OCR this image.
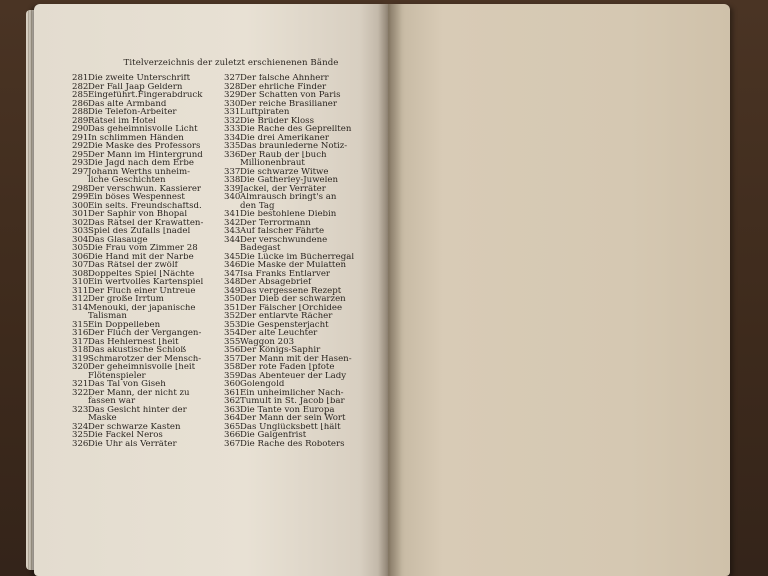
Titelverzeichnis der zuletzt erschienenen Bände
281 Die zweite Unterschrift
282 Der Fall Jaap Geldern
285 Eingeführt.Fingerabdruck
286 Das alte Armband
288 Die Telefon-Arbeiter
289 Rätsel im Hotel
290 Das geheimnisvolle Licht
291 In schlimmen Händen
292 Die Maske des Professors
295 Der Mann im Hintergrund
293 Die Jagd nach dem Erbe
297 Johann Werths unheim-
liche Geschichten
298 Der verschwun. Kassierer
299 Ein böses Wespennest
300 Ein selts. Freundschaftsd.
301 Der Saphir von Bhopal
302 Das Rätsel der Krawatten-
303 Spiel des Zufalls [nadel
304 Das Glasauge
305 Die Frau vom Zimmer 28
306 Die Hand mit der Narbe
307 Das Rätsel der zwölf
308 Doppeltes Spiel [Nächte
310 Ein wertvolles Kartenspiel
311 Der Fluch einer Untreue
312 Der große Irrtum
314 Menouki, der japanische
Talisman
315 Ein Doppelleben
316 Der Fluch der Vergangen-
317 Das Hehlernest [heit
318 Das akustische Schloß
319 Schmarotzer der Mensch-
320 Der geheimnisvolle [heit
Flötenspieler
321 Das Tal von Giseh
322 Der Mann, der nicht zu
fassen war
323 Das Gesicht hinter der
Maske
324 Der schwarze Kasten
325 Die Fackel Neros
326 Die Uhr als Verräter
327 Der falsche Ahnherr
328 Der ehrliche Finder
329 Der Schatten von Paris
330 Der reiche Brasilianer
331 Luftpiraten
332 Die Brüder Kloss
333 Die Rache des Geprellten
334 Die drei Amerikaner
335 Das braunlederne Notiz-
336 Der Raub der [buch
Millionenbraut
337 Die schwarze Witwe
338 Die Gatherley-Juwelen
339 Jackel, der Verräter
340 Almrausch bringt's an
den Tag
341 Die bestohlene Diebin
342 Der Terrormann
343 Auf falscher Fährte
344 Der verschwundene
Badegast
345 Die Lücke im Bücherregal
346 Die Maske der Mulatten
347 Isa Franks Entlarver
348 Der Absagebrief
349 Das vergessene Rezept
350 Der Dieb der schwarzen
351 Der Fälscher [Orchidee
352 Der entlarvte Rächer
353 Die Gespensterjacht
354 Der alte Leuchter
355 Waggon 203
356 Der Königs-Saphir
357 Der Mann mit der Hasen-
358 Der rote Faden [pfote
359 Das Abenteuer der Lady
360 Golengold
361 Ein unheimlicher Nach-
362 Tumult in St. Jacob [bar
363 Die Tante von Europa
364 Der Mann der sein Wort
365 Das Unglücksbett [hält
366 Die Galgenfrist
367 Die Rache des Roboters
